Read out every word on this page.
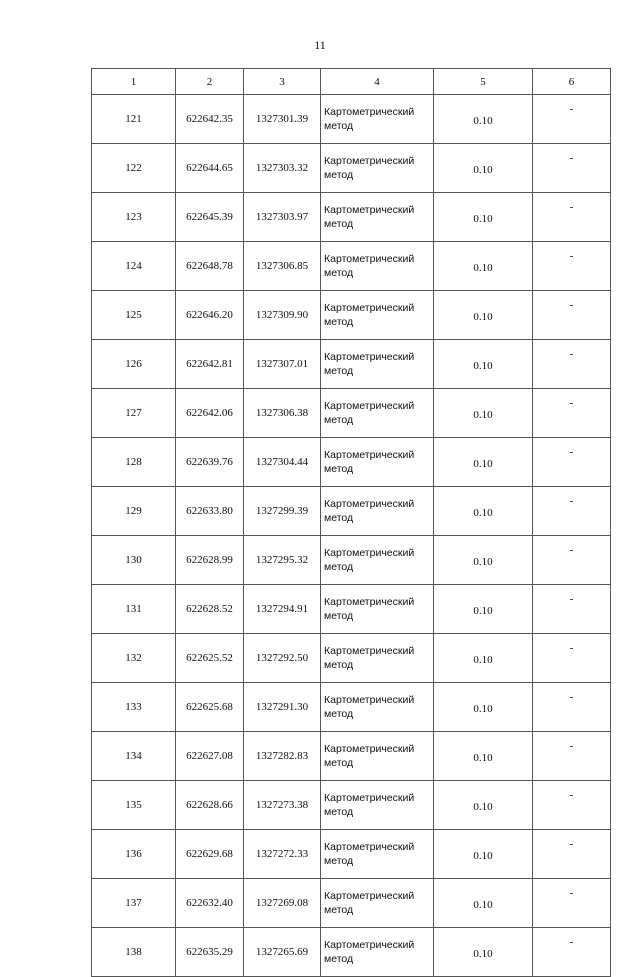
11
1	2	3	4	5	6
121	622642.35	1327301.39	Картометрический метод	0.10	-
122	622644.65	1327303.32	Картометрический метод	0.10	-
123	622645.39	1327303.97	Картометрический метод	0.10	-
124	622648.78	1327306.85	Картометрический метод	0.10	-
125	622646.20	1327309.90	Картометрический метод	0.10	-
126	622642.81	1327307.01	Картометрический метод	0.10	-
127	622642.06	1327306.38	Картометрический метод	0.10	-
128	622639.76	1327304.44	Картометрический метод	0.10	-
129	622633.80	1327299.39	Картометрический метод	0.10	-
130	622628.99	1327295.32	Картометрический метод	0.10	-
131	622628.52	1327294.91	Картометрический метод	0.10	-
132	622625.52	1327292.50	Картометрический метод	0.10	-
133	622625.68	1327291.30	Картометрический метод	0.10	-
134	622627.08	1327282.83	Картометрический метод	0.10	-
135	622628.66	1327273.38	Картометрический метод	0.10	-
136	622629.68	1327272.33	Картометрический метод	0.10	-
137	622632.40	1327269.08	Картометрический метод	0.10	-
138	622635.29	1327265.69	Картометрический метод	0.10	-
